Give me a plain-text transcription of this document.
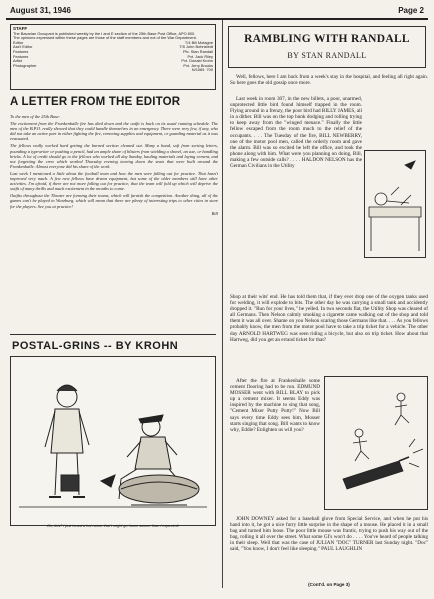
August 31, 1946	Page 2

STAFF

The Bavarian Occupant is published weekly by the I and E section of the 25th Base Post Office, APO 800.

The opinions expressed within these pages are those of the staff members and not of the War Department.

Editor	T/4 Bill Motagne
Ass't Editor	T/5 John Bohnstedt
Features	Pfc. Stan Randall
Features	Pvt. Jack Riley
Artist	Pvt. Donald Krohn
Photographer	Pvt. Jerry Brooks

N/1069. 700

A LETTER FROM THE EDITOR

To the men of the 25th Base:

The excitement from the Frankenhalle fire has died down and the outfit is back on its usual running schedule. The men of the B.P.O. really showed that they could handle themselves in an emergency. There were very few, if any, who did not take an active part in either fighting the fire, removing supplies and equipment, or guarding material as it was evacuated.

The fellows really worked hard getting the burned section cleaned out. Many a hand, soft from sorting letters, pounding a typewriter or pushing a pencil, had an ample share of blisters from wielding a shovel, an axe, or handling bricks. A lot of credit should go to the fellows who worked all day Sunday, hauling materials and laying cement, and not forgetting the crew which worked Thursday evening tearing down the seats that were built around the Frankenhalle. Almost everyone did his share of the work.

Last week I mentioned a little about the football team and how the men were falling out for practice. That hasn't improved very much. A few new fellows have drawn equipment, but some of the older members still have other activities. I'm afraid, if there are not more falling out for practice, that the team will fold up which will deprive the outfit of many thrills and much excitement in the months to come.

Outfits throughout the Theater are forming their teams, which will furnish the competition. Another thing, all of the games can't be played in Wurzburg, which will mean that there are plenty of interesting trips to other cities in store for the players. See you at practice!

Bill

POSTAL-GRINS -- BY KROHN
Oh, this? I just heard a hot rumor that I might go home sooner than I expected!
RAMBLING WITH RANDALL
BY STAN RANDALL

Well, fellows, here I am back from a week's stay in the hospital, and feeling all right again. So here goes the old gossip once more.

Last week in room 307, in the new billets, a poor, unarmed, unprotected little bird found himself trapped in the room. Flying around in a frenzy, the poor bird had BILLY JAMES, all in a dither. Bill was on the top bunk dodging and rolling trying to keep away from the "winged menace." Finally the little fellow escaped from the room much to the relief of the occupants. . . . The Tuesday of the fire, BILL NEWBERRY, one of the motor pool men, called the orderly room and gave the alarm. Bill was so excited he left the office, and took the phone along with him. What were you planning on doing, Bill, making a few outside calls? . . . . HALDON NELSON has the German Civilians in the Utility

Shop at their wits' end. He has told them that, if they ever drop one of the oxygen tanks used for welding, it will explode to bits. The other day he was carrying a small tank and accidently dropped it. "Run for your lives," he yelled. In two seconds flat, the Utility Shop was cleared of all Germans. Then Nelson calmly smoking a cigarette came walking out of the shop and told them it was all over. Shame on you Nelson scaring those Germans like that. . . . As you fellows probably know, the men from the motor pool have to take a trip ticket for a vehicle. The other day ARNOLD HARTWEG was seen riding a bicycle, but also on trip ticket. How about that Hartweg, did you get an errand ticket for that?

After the fire at Frankenhalle some cement flooring had to be run. EDMUND MOSSER went with BILL BLAY to pick up a cement mixer. It seems Eddy was inspired by the machine to sing that song, "Cement Mixer Putty Putty!" Now Bill says every time Eddy sees him, Mosser starts singing that song. Bill wants to know why, Eddie? Enlighten us will you?

JOHN DOWNEY asked for a baseball glove from Special Service, and when he put his hand into it, he got a nice furry little surprise in the shape of a mouse. He placed it in a small bag and turned him loose. The poor little mouse was frantic, trying to push his way out of the bag, rolling it all over the street. What some GI's won't do . . . . You've heard of people talking in their sleep. Well that was the case of JULIAN "DOC" TURNER last Sunday night. "Doc" said, "You know, I don't feel like sleeping." PAUL LAUGHLIN

(Cont'd. on Page 3)
